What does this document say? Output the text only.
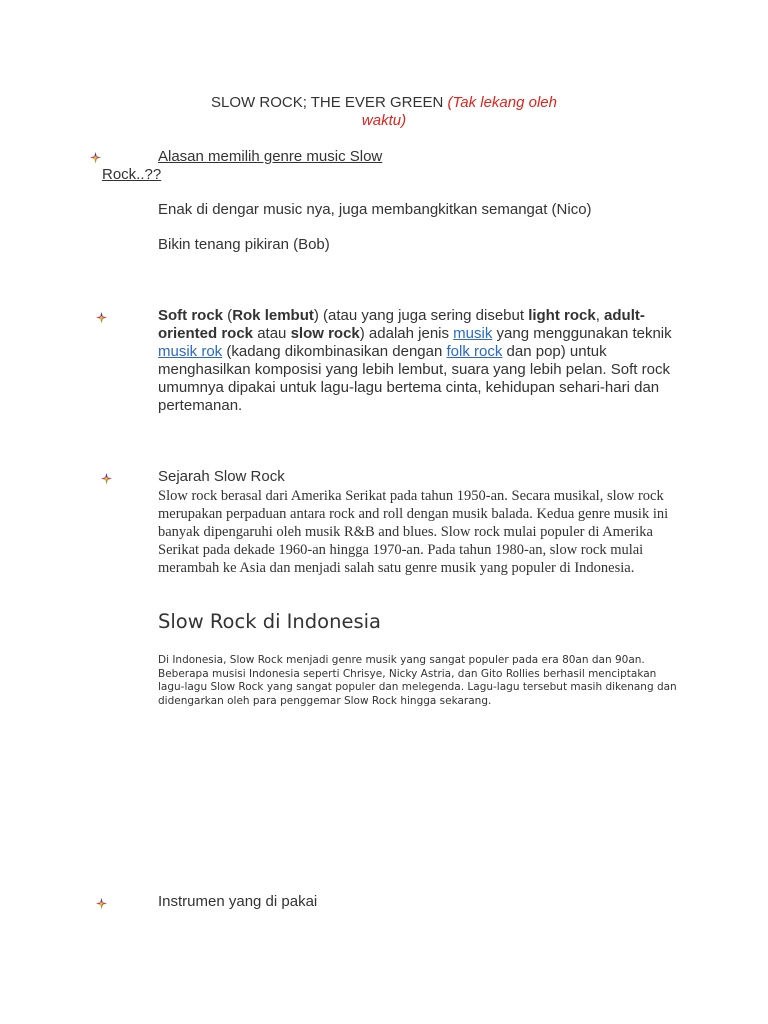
SLOW ROCK; THE EVER GREEN (Tak lekang oleh waktu)
Alasan memilih genre music Slow Rock..??
Enak di dengar music nya, juga membangkitkan semangat (Nico)
Bikin tenang pikiran (Bob)
Soft rock (Rok lembut) (atau yang juga sering disebut light rock, adult-oriented rock atau slow rock) adalah jenis musik yang menggunakan teknik musik rok (kadang dikombinasikan dengan folk rock dan pop) untuk menghasilkan komposisi yang lebih lembut, suara yang lebih pelan. Soft rock umumnya dipakai untuk lagu-lagu bertema cinta, kehidupan sehari-hari dan pertemanan.
Sejarah Slow Rock
Slow rock berasal dari Amerika Serikat pada tahun 1950-an. Secara musikal, slow rock merupakan perpaduan antara rock and roll dengan musik balada. Kedua genre musik ini banyak dipengaruhi oleh musik R&B and blues. Slow rock mulai populer di Amerika Serikat pada dekade 1960-an hingga 1970-an. Pada tahun 1980-an, slow rock mulai merambah ke Asia dan menjadi salah satu genre musik yang populer di Indonesia.
Slow Rock di Indonesia
Di Indonesia, Slow Rock menjadi genre musik yang sangat populer pada era 80an dan 90an. Beberapa musisi Indonesia seperti Chrisye, Nicky Astria, dan Gito Rollies berhasil menciptakan lagu-lagu Slow Rock yang sangat populer dan melegenda. Lagu-lagu tersebut masih dikenang dan didengarkan oleh para penggemar Slow Rock hingga sekarang.
Instrumen yang di pakai
